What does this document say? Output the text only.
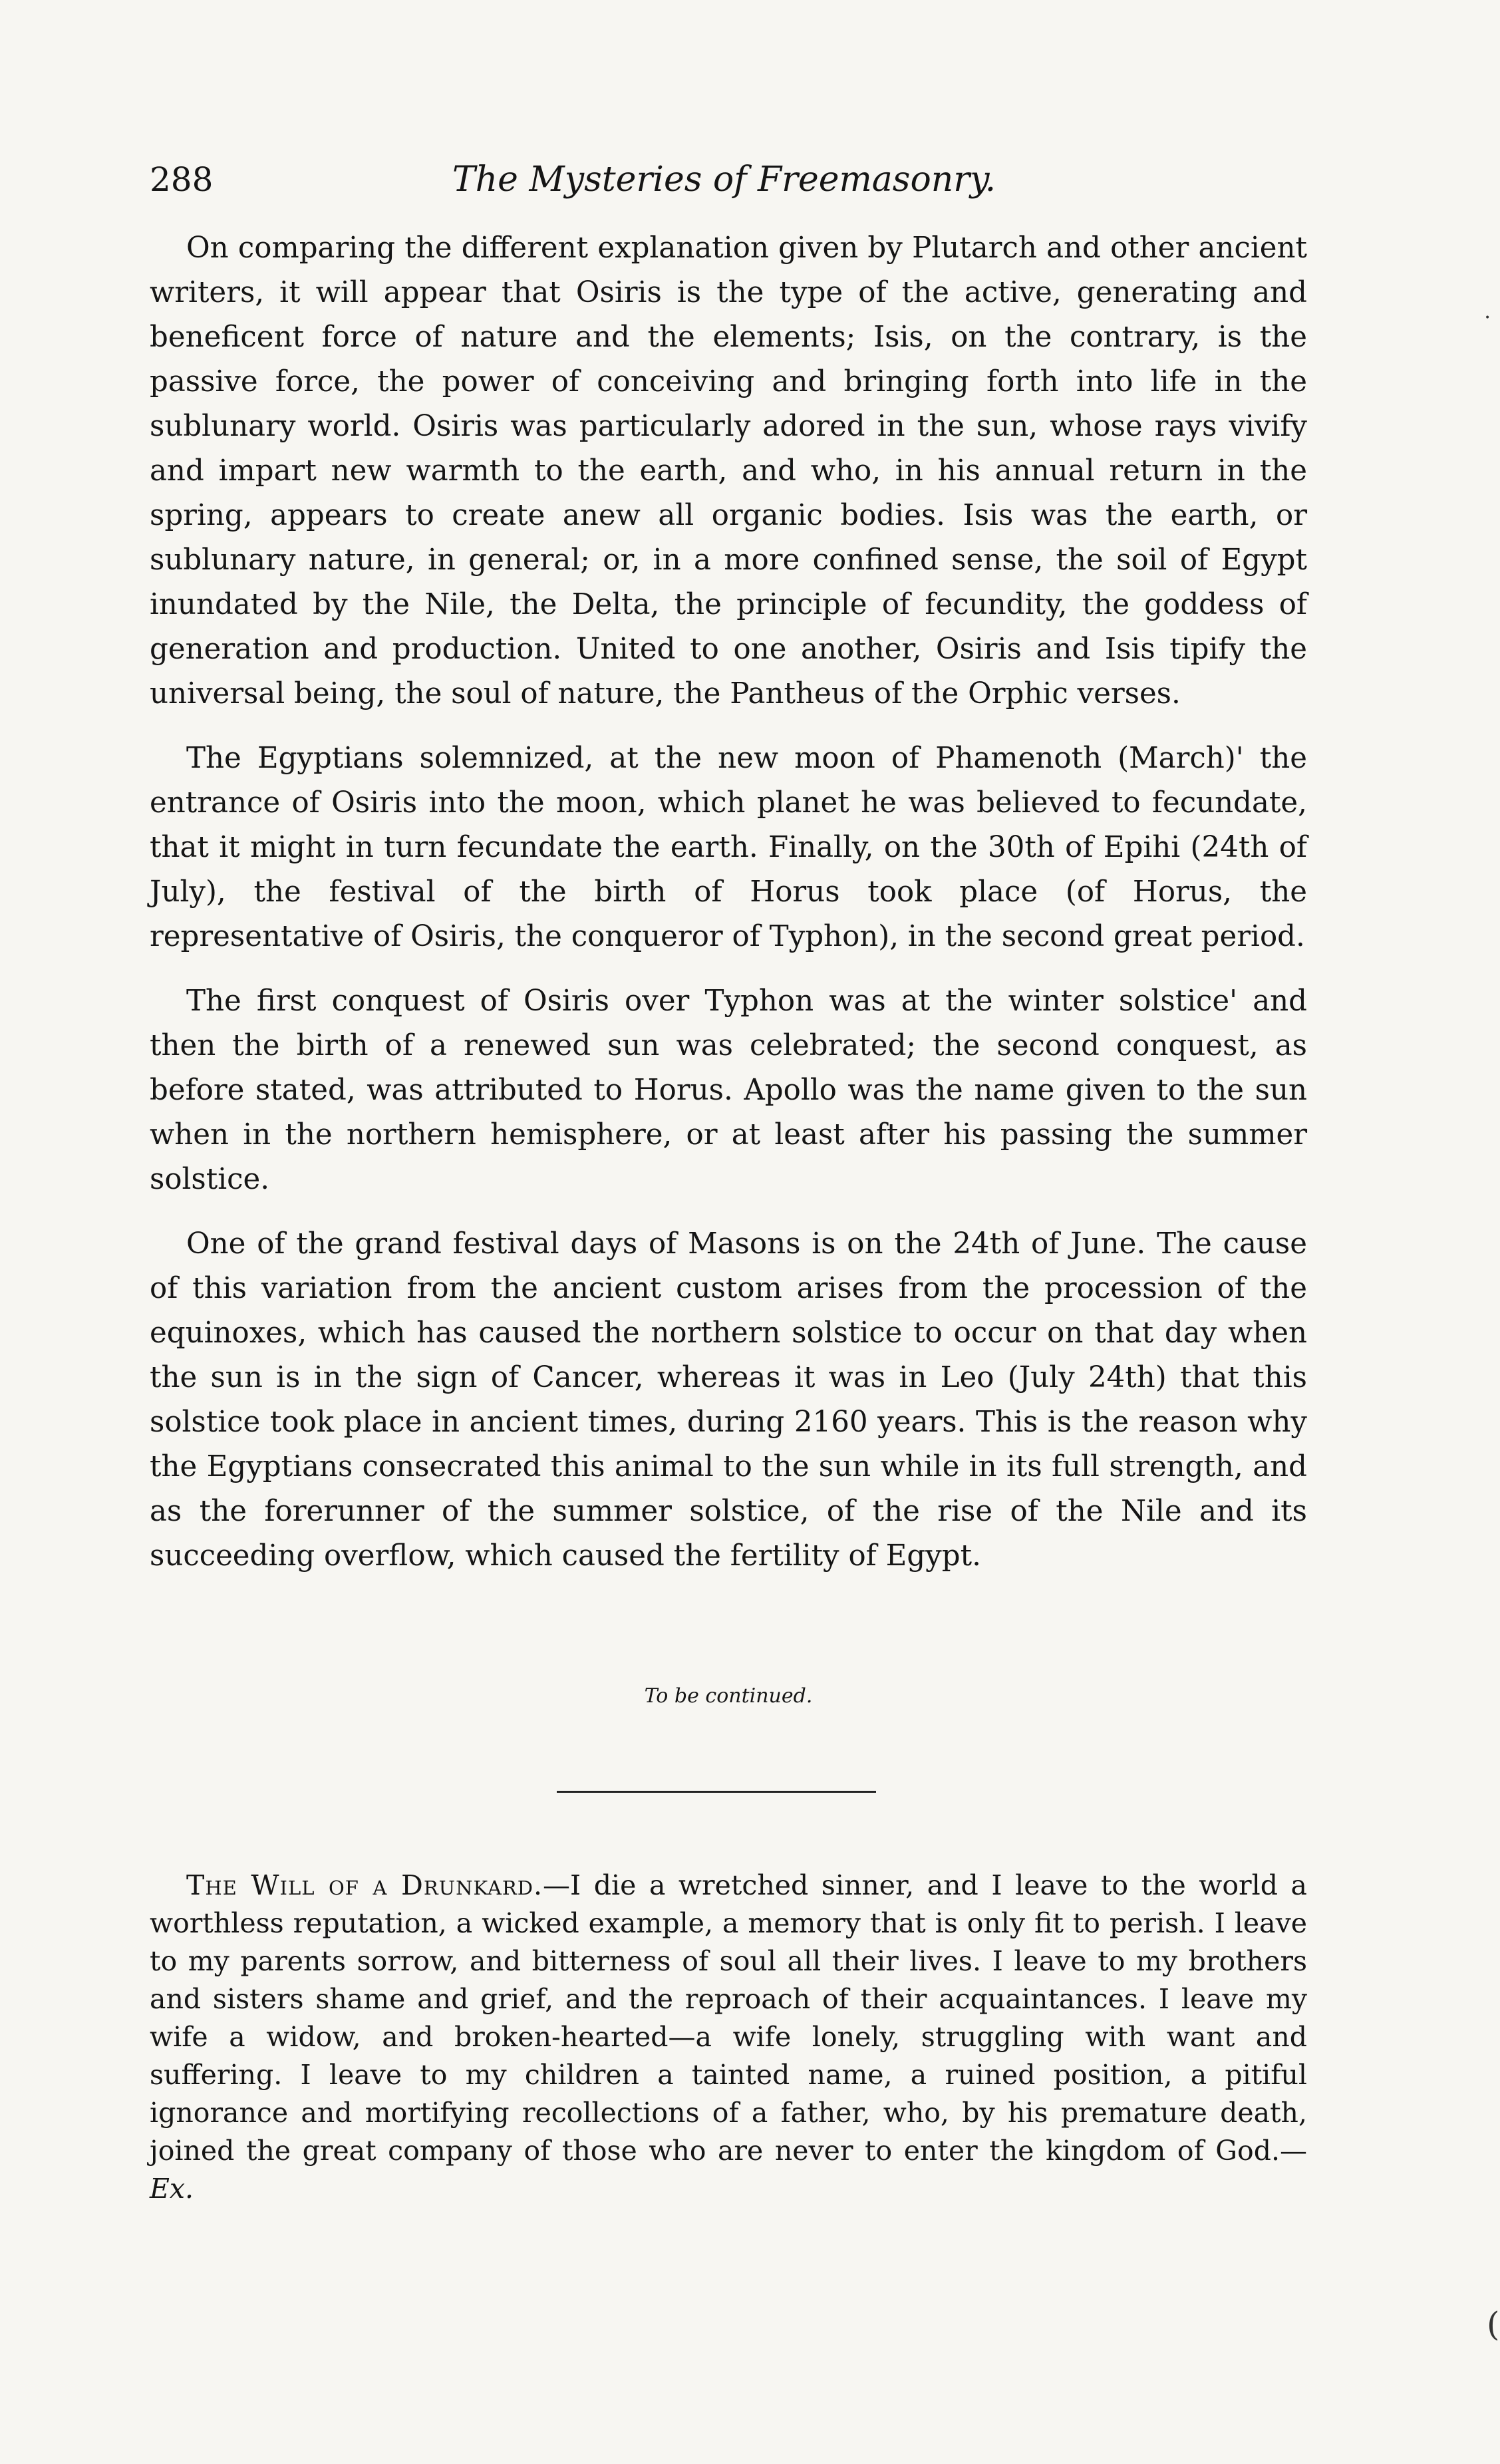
288	The Mysteries of Freemasonry.

On comparing the different explanation given by Plutarch and other ancient writers, it will appear that Osiris is the type of the active, generating and beneficent force of nature and the elements; Isis, on the contrary, is the passive force, the power of conceiving and bringing forth into life in the sublunary world. Osiris was particularly adored in the sun, whose rays vivify and impart new warmth to the earth, and who, in his annual return in the spring, appears to create anew all organic bodies. Isis was the earth, or sublunary nature, in general; or, in a more confined sense, the soil of Egypt inundated by the Nile, the Delta, the principle of fecundity, the goddess of generation and production. United to one another, Osiris and Isis tipify the universal being, the soul of nature, the Pantheus of the Orphic verses.

The Egyptians solemnized, at the new moon of Phamenoth (March)' the entrance of Osiris into the moon, which planet he was believed to fecundate, that it might in turn fecundate the earth. Finally, on the 30th of Epihi (24th of July), the festival of the birth of Horus took place (of Horus, the representative of Osiris, the conqueror of Typhon), in the second great period.

The first conquest of Osiris over Typhon was at the winter solstice' and then the birth of a renewed sun was celebrated; the second conquest, as before stated, was attributed to Horus. Apollo was the name given to the sun when in the northern hemisphere, or at least after his passing the summer solstice.

One of the grand festival days of Masons is on the 24th of June. The cause of this variation from the ancient custom arises from the procession of the equinoxes, which has caused the northern solstice to occur on that day when the sun is in the sign of Cancer, whereas it was in Leo (July 24th) that this solstice took place in ancient times, during 2160 years. This is the reason why the Egyptians consecrated this animal to the sun while in its full strength, and as the forerunner of the summer solstice, of the rise of the Nile and its succeeding overflow, which caused the fertility of Egypt.

To be continued.

The Will of a Drunkard.—I die a wretched sinner, and I leave to the world a worthless reputation, a wicked example, a memory that is only fit to perish. I leave to my parents sorrow, and bitterness of soul all their lives. I leave to my brothers and sisters shame and grief, and the reproach of their acquaintances. I leave my wife a widow, and broken-hearted—a wife lonely, struggling with want and suffering. I leave to my children a tainted name, a ruined position, a pitiful ignorance and mortifying recollections of a father, who, by his premature death, joined the great company of those who are never to enter the kingdom of God.—Ex.

•
(
